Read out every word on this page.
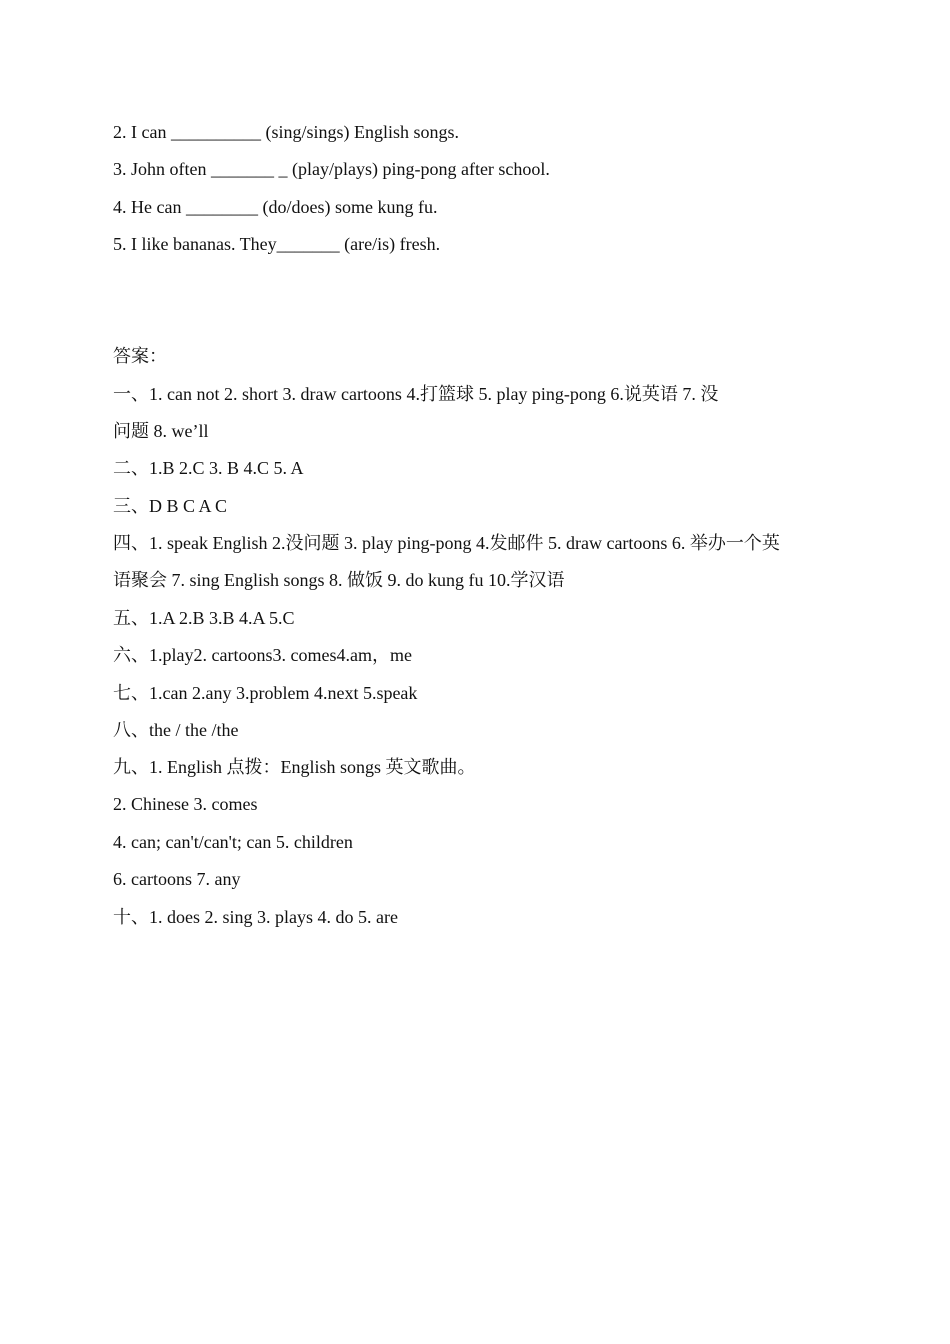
2. I can __________ (sing/sings) English songs.
3. John often _______ _ (play/plays) ping-pong after school.
4. He can ________ (do/does) some kung fu.
5. I like bananas. They_______ (are/is) fresh.
答案：
一、1. can not 2. short 3. draw cartoons 4.打篮球 5. play ping-pong 6.说英语 7. 没
问题 8. we’ll
二、1.B 2.C 3. B 4.C 5. A
三、D B C A C
四、1. speak English 2.没问题 3. play ping-pong 4.发邮件 5. draw cartoons 6. 举办一个英
语聚会 7. sing English songs 8. 做饭 9. do kung fu 10.学汉语
五、1.A 2.B 3.B 4.A 5.C
六、1.play2. cartoons3. comes4.am，me
七、1.can 2.any 3.problem 4.next 5.speak
八、the / the /the
九、1. English 点拨：English songs 英文歌曲。
2. Chinese 3. comes
4. can; can't/can't; can 5. children
6. cartoons 7. any
十、1. does 2. sing 3. plays 4. do 5. are
